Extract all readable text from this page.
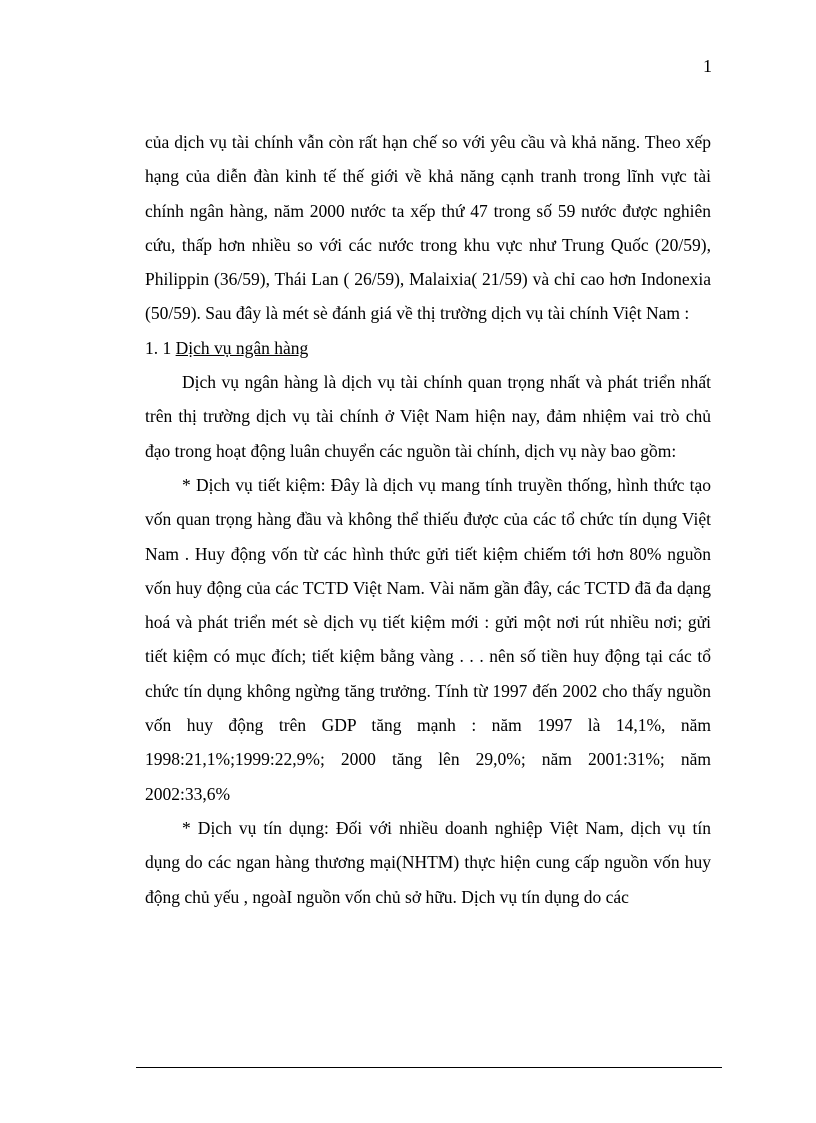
1

của dịch vụ tài chính vẫn còn rất hạn chế so với yêu cầu và khả năng. Theo xếp hạng của diễn đàn kinh tế thế giới về khả năng cạnh tranh trong lĩnh vực tài chính ngân hàng, năm 2000 nước ta xếp thứ 47 trong số 59 nước được nghiên cứu, thấp hơn nhiều so với các nước trong khu vực như Trung Quốc (20/59), Philippin (36/59), Thái Lan ( 26/59), Malaixia( 21/59) và chỉ cao hơn Indonexia (50/59). Sau đây là mét sè đánh giá về thị trường dịch vụ tài chính Việt Nam :

1. 1 Dịch vụ ngân hàng

Dịch vụ ngân hàng là dịch vụ tài chính quan trọng nhất và phát triển nhất trên thị trường dịch vụ tài chính ở Việt Nam hiện nay, đảm nhiệm vai trò chủ đạo trong hoạt động luân chuyển các nguồn tài chính, dịch vụ này bao gồm:

* Dịch vụ tiết kiệm: Đây là dịch vụ mang tính truyền thống, hình thức tạo vốn quan trọng hàng đầu và không thể thiếu được của các tổ chức tín dụng Việt Nam . Huy động vốn từ các hình thức gửi tiết kiệm chiếm tới hơn 80% nguồn vốn huy động của các TCTD Việt Nam. Vài năm gần đây, các TCTD đã đa dạng hoá và phát triển mét sè dịch vụ tiết kiệm mới : gửi một nơi rút nhiều nơi; gửi tiết kiệm có mục đích; tiết kiệm bằng vàng . . . nên số tiền huy động tại các tổ chức tín dụng không ngừng tăng trưởng. Tính từ 1997 đến 2002 cho thấy nguồn vốn huy động trên GDP tăng mạnh : năm 1997 là 14,1%, năm 1998:21,1%;1999:22,9%; 2000 tăng lên 29,0%; năm 2001:31%; năm 2002:33,6%

* Dịch vụ tín dụng: Đối với nhiều doanh nghiệp Việt Nam, dịch vụ tín dụng do các ngan hàng thương mại(NHTM) thực hiện cung cấp nguồn vốn huy động chủ yếu , ngoàI nguồn vốn chủ sở hữu. Dịch vụ tín dụng do các
